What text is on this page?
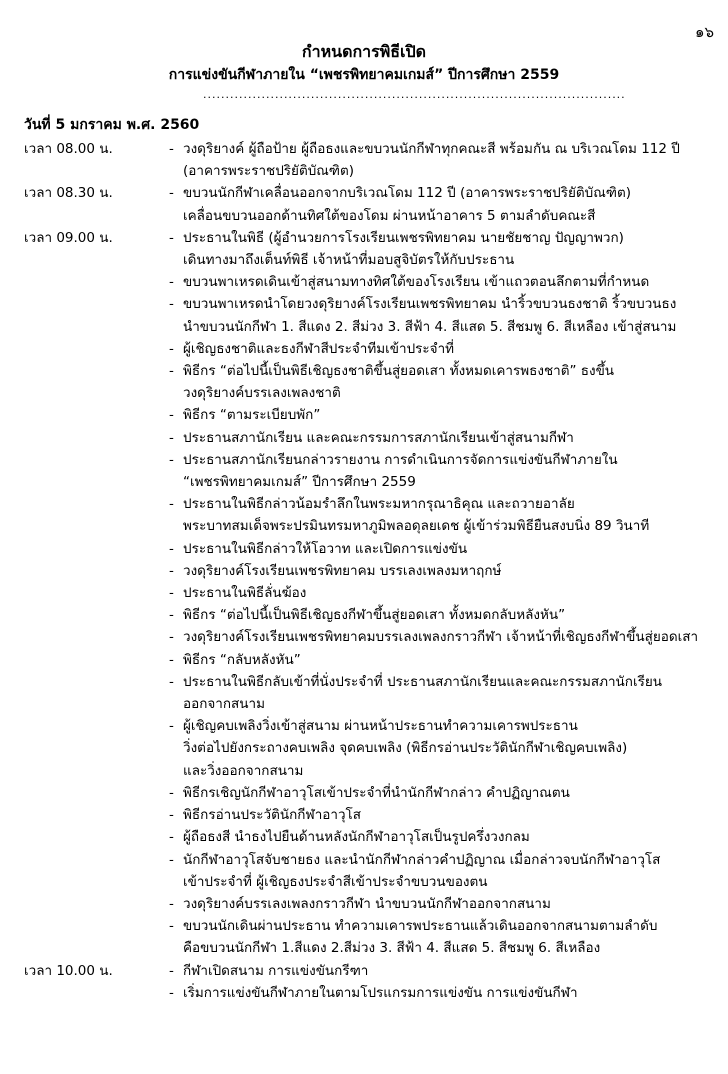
๑๖
กำหนดการพิธีเปิด
การแข่งขันกีฬาภายใน “เพชรพิทยาคมเกมส์” ปีการศึกษา 2559
..............................................................................................
วันที่ 5 มกราคม พ.ศ. 2560
เวลา 08.00 น.	- วงดุริยางค์ ผู้ถือป้าย ผู้ถือธงและขบวนนักกีฬาทุกคณะสี พร้อมกัน ณ บริเวณโดม 112 ปี
(อาคารพระราชปริยัติบัณฑิต)
เวลา 08.30 น.	- ขบวนนักกีฬาเคลื่อนออกจากบริเวณโดม 112 ปี (อาคารพระราชปริยัติบัณฑิต)
เคลื่อนขบวนออกด้านทิศใต้ของโดม ผ่านหน้าอาคาร 5 ตามลำดับคณะสี
เวลา 09.00 น.	- ประธานในพิธี (ผู้อำนวยการโรงเรียนเพชรพิทยาคม นายชัยชาญ ปัญญาพวก)
เดินทางมาถึงเต็นท์พิธี เจ้าหน้าที่มอบสูจิบัตรให้กับประธาน
- ขบวนพาเหรดเดินเข้าสู่สนามทางทิศใต้ของโรงเรียน เข้าแถวตอนลึกตามที่กำหนด
- ขบวนพาเหรดนำโดยวงดุริยางค์โรงเรียนเพชรพิทยาคม นำริ้วขบวนธงชาติ ริ้วขบวนธง
นำขบวนนักกีฬา 1. สีแดง 2. สีม่วง 3. สีฟ้า 4. สีแสด 5. สีชมพู 6. สีเหลือง เข้าสู่สนาม
- ผู้เชิญธงชาติและธงกีฬาสีประจำทีมเข้าประจำที่
- พิธีกร “ต่อไปนี้เป็นพิธีเชิญธงชาติขึ้นสู่ยอดเสา ทั้งหมดเคารพธงชาติ” ธงขึ้น
วงดุริยางค์บรรเลงเพลงชาติ
- พิธีกร “ตามระเบียบพัก”
- ประธานสภานักเรียน และคณะกรรมการสภานักเรียนเข้าสู่สนามกีฬา
- ประธานสภานักเรียนกล่าวรายงาน การดำเนินการจัดการแข่งขันกีฬาภายใน
“เพชรพิทยาคมเกมส์” ปีการศึกษา 2559
- ประธานในพิธีกล่าวน้อมรำลึกในพระมหากรุณาธิคุณ และถวายอาลัย
พระบาทสมเด็จพระปรมินทรมหาภูมิพลอดุลยเดช ผู้เข้าร่วมพิธียืนสงบนิ่ง 89 วินาที
- ประธานในพิธีกล่าวให้โอวาท และเปิดการแข่งขัน
- วงดุริยางค์โรงเรียนเพชรพิทยาคม บรรเลงเพลงมหาฤกษ์
- ประธานในพิธีลั่นฆ้อง
- พิธีกร “ต่อไปนี้เป็นพิธีเชิญธงกีฬาขึ้นสู่ยอดเสา ทั้งหมดกลับหลังหัน”
- วงดุริยางค์โรงเรียนเพชรพิทยาคมบรรเลงเพลงกราวกีฬา เจ้าหน้าที่เชิญธงกีฬาขึ้นสู่ยอดเสา
- พิธีกร “กลับหลังหัน”
- ประธานในพิธีกลับเข้าที่นั่งประจำที่ ประธานสภานักเรียนและคณะกรรมสภานักเรียน
ออกจากสนาม
- ผู้เชิญคบเพลิงวิ่งเข้าสู่สนาม ผ่านหน้าประธานทำความเคารพประธาน
วิ่งต่อไปยังกระถางคบเพลิง จุดคบเพลิง (พิธีกรอ่านประวัตินักกีฬาเชิญคบเพลิง)
และวิ่งออกจากสนาม
- พิธีกรเชิญนักกีฬาอาวุโสเข้าประจำที่นำนักกีฬากล่าว คำปฏิญาณตน
- พิธีกรอ่านประวัตินักกีฬาอาวุโส
- ผู้ถือธงสี นำธงไปยืนด้านหลังนักกีฬาอาวุโสเป็นรูปครึ่งวงกลม
- นักกีฬาอาวุโสจับชายธง และนำนักกีฬากล่าวคำปฏิญาณ เมื่อกล่าวจบนักกีฬาอาวุโส
เข้าประจำที่ ผู้เชิญธงประจำสีเข้าประจำขบวนของตน
- วงดุริยางค์บรรเลงเพลงกราวกีฬา นำขบวนนักกีฬาออกจากสนาม
- ขบวนนักเดินผ่านประธาน ทำความเคารพประธานแล้วเดินออกจากสนามตามลำดับ
คือขบวนนักกีฬา 1.สีแดง 2.สีม่วง 3. สีฟ้า 4. สีแสด 5. สีชมพู 6. สีเหลือง
เวลา 10.00 น.	- กีฬาเปิดสนาม การแข่งขันกรีฑา
- เริ่มการแข่งขันกีฬาภายในตามโปรแกรมการแข่งขัน การแข่งขันกีฬา
